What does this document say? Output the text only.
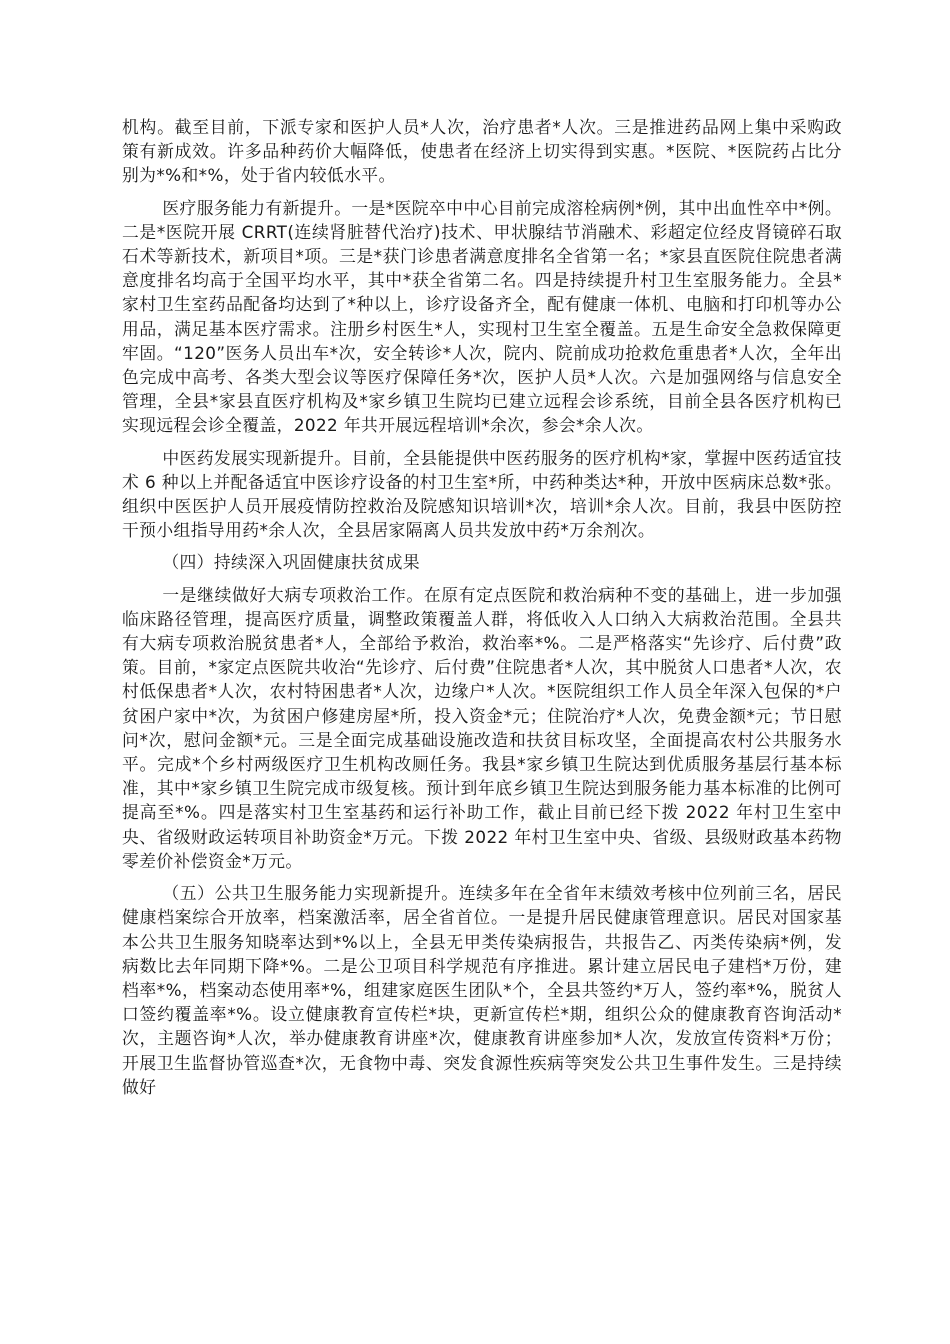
机构。截至目前，下派专家和医护人员*人次，治疗患者*人次。三是推进药品网上集中采购政策有新成效。许多品种药价大幅降低，使患者在经济上切实得到实惠。*医院、*医院药占比分别为*%和*%，处于省内较低水平。

医疗服务能力有新提升。一是*医院卒中中心目前完成溶栓病例*例，其中出血性卒中*例。二是*医院开展 CRRT(连续肾脏替代治疗)技术、甲状腺结节消融术、彩超定位经皮肾镜碎石取石术等新技术，新项目*项。三是*获门诊患者满意度排名全省第一名；*家县直医院住院患者满意度排名均高于全国平均水平，其中*获全省第二名。四是持续提升村卫生室服务能力。全县*家村卫生室药品配备均达到了*种以上，诊疗设备齐全，配有健康一体机、电脑和打印机等办公用品，满足基本医疗需求。注册乡村医生*人，实现村卫生室全覆盖。五是生命安全急救保障更牢固。“120”医务人员出车*次，安全转诊*人次，院内、院前成功抢救危重患者*人次，全年出色完成中高考、各类大型会议等医疗保障任务*次，医护人员*人次。六是加强网络与信息安全管理，全县*家县直医疗机构及*家乡镇卫生院均已建立远程会诊系统，目前全县各医疗机构已实现远程会诊全覆盖，2022 年共开展远程培训*余次，参会*余人次。

中医药发展实现新提升。目前，全县能提供中医药服务的医疗机构*家，掌握中医药适宜技术 6 种以上并配备适宜中医诊疗设备的村卫生室*所，中药种类达*种，开放中医病床总数*张。组织中医医护人员开展疫情防控救治及院感知识培训*次，培训*余人次。目前，我县中医防控干预小组指导用药*余人次，全县居家隔离人员共发放中药*万余剂次。

（四）持续深入巩固健康扶贫成果

一是继续做好大病专项救治工作。在原有定点医院和救治病种不变的基础上，进一步加强临床路径管理，提高医疗质量，调整政策覆盖人群，将低收入人口纳入大病救治范围。全县共有大病专项救治脱贫患者*人，全部给予救治，救治率*%。二是严格落实“先诊疗、后付费”政策。目前，*家定点医院共收治“先诊疗、后付费”住院患者*人次，其中脱贫人口患者*人次，农村低保患者*人次，农村特困患者*人次，边缘户*人次。*医院组织工作人员全年深入包保的*户贫困户家中*次，为贫困户修建房屋*所，投入资金*元；住院治疗*人次，免费金额*元；节日慰问*次，慰问金额*元。三是全面完成基础设施改造和扶贫目标攻坚，全面提高农村公共服务水平。完成*个乡村两级医疗卫生机构改厕任务。我县*家乡镇卫生院达到优质服务基层行基本标准，其中*家乡镇卫生院完成市级复核。预计到年底乡镇卫生院达到服务能力基本标准的比例可提高至*%。四是落实村卫生室基药和运行补助工作，截止目前已经下拨 2022 年村卫生室中央、省级财政运转项目补助资金*万元。下拨 2022 年村卫生室中央、省级、县级财政基本药物零差价补偿资金*万元。

（五）公共卫生服务能力实现新提升。连续多年在全省年末绩效考核中位列前三名，居民健康档案综合开放率，档案激活率，居全省首位。一是提升居民健康管理意识。居民对国家基本公共卫生服务知晓率达到*%以上，全县无甲类传染病报告，共报告乙、丙类传染病*例，发病数比去年同期下降*%。二是公卫项目科学规范有序推进。累计建立居民电子建档*万份，建档率*%，档案动态使用率*%，组建家庭医生团队*个，全县共签约*万人，签约率*%，脱贫人口签约覆盖率*%。设立健康教育宣传栏*块，更新宣传栏*期，组织公众的健康教育咨询活动*次，主题咨询*人次，举办健康教育讲座*次，健康教育讲座参加*人次，发放宣传资料*万份；开展卫生监督协管巡查*次，无食物中毒、突发食源性疾病等突发公共卫生事件发生。三是持续做好
